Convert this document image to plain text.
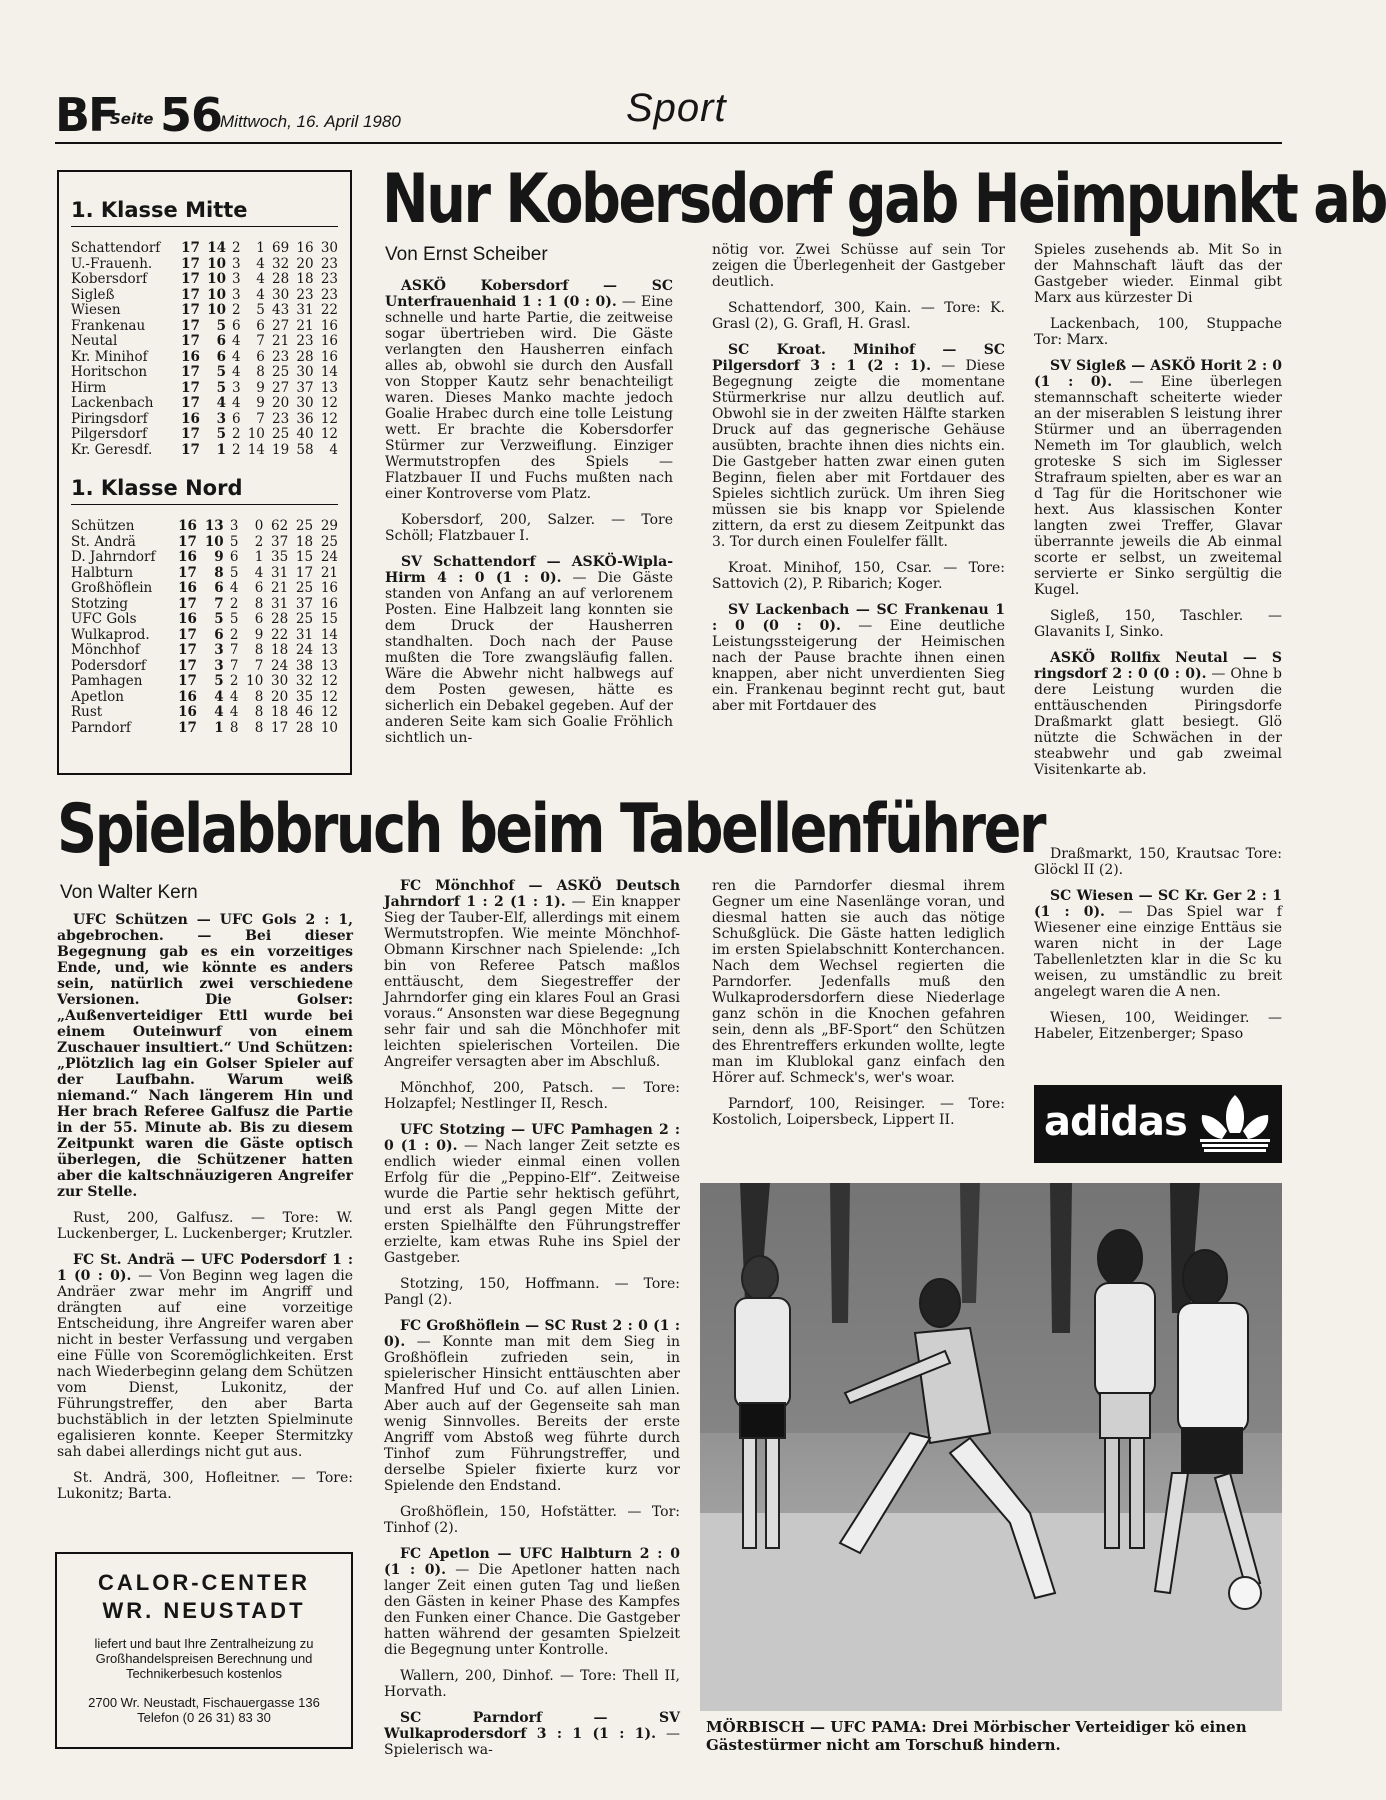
BF
Seite 56
Mittwoch, 16. April 1980	Sport
1. Klasse Mitte
Schattendorf	17	14	2	1	69	16	30
U.-Frauenh.	17	10	3	4	32	20	23
Kobersdorf	17	10	3	4	28	18	23
Sigleß	17	10	3	4	30	23	23
Wiesen	17	10	2	5	43	31	22
Frankenau	17	5	6	6	27	21	16
Neutal	17	6	4	7	21	23	16
Kr. Minihof	16	6	4	6	23	28	16
Horitschon	17	5	4	8	25	30	14
Hirm	17	5	3	9	27	37	13
Lackenbach	17	4	4	9	20	30	12
Piringsdorf	16	3	6	7	23	36	12
Pilgersdorf	17	5	2	10	25	40	12
Kr. Geresdf.	17	1	2	14	19	58	4
1. Klasse Nord
Schützen	16	13	3	0	62	25	29
St. Andrä	17	10	5	2	37	18	25
D. Jahrndorf	16	9	6	1	35	15	24
Halbturn	17	8	5	4	31	17	21
Großhöflein	16	6	4	6	21	25	16
Stotzing	17	7	2	8	31	37	16
UFC Gols	16	5	5	6	28	25	15
Wulkaprod.	17	6	2	9	22	31	14
Mönchhof	17	3	7	8	18	24	13
Podersdorf	17	3	7	7	24	38	13
Pamhagen	17	5	2	10	30	32	12
Apetlon	16	4	4	8	20	35	12
Rust	16	4	4	8	18	46	12
Parndorf	17	1	8	8	17	28	10
Nur Kobersdorf gab Heimpunkt ab
Von Ernst Scheiber

ASKÖ Kobersdorf — SC Unterfrauenhaid 1 : 1 (0 : 0). — Eine schnelle und harte Partie, die zeitweise sogar übertrieben wird. Die Gäste verlangten den Hausherren einfach alles ab, obwohl sie durch den Ausfall von Stopper Kautz sehr benachteiligt waren. Dieses Manko machte jedoch Goalie Hrabec durch eine tolle Leistung wett. Er brachte die Kobersdorfer Stürmer zur Verzweiflung. Einziger Wermutstropfen des Spiels — Flatzbauer II und Fuchs mußten nach einer Kontroverse vom Platz.

Kobersdorf, 200, Salzer. — Tore Schöll; Flatzbauer I.

SV Schattendorf — ASKÖ-Wipla-Hirm 4 : 0 (1 : 0). — Die Gäste standen von Anfang an auf verlorenem Posten. Eine Halbzeit lang konnten sie dem Druck der Hausherren standhalten. Doch nach der Pause mußten die Tore zwangsläufig fallen. Wäre die Abwehr nicht halbwegs auf dem Posten gewesen, hätte es sicherlich ein Debakel gegeben. Auf der anderen Seite kam sich Goalie Fröhlich sichtlich un-

nötig vor. Zwei Schüsse auf sein Tor zeigen die Überlegenheit der Gastgeber deutlich.

Schattendorf, 300, Kain. — Tore: K. Grasl (2), G. Grafl, H. Grasl.

SC Kroat. Minihof — SC Pilgersdorf 3 : 1 (2 : 1). — Diese Begegnung zeigte die momentane Stürmerkrise nur allzu deutlich auf. Obwohl sie in der zweiten Hälfte starken Druck auf das gegnerische Gehäuse ausübten, brachte ihnen dies nichts ein. Die Gastgeber hatten zwar einen guten Beginn, fielen aber mit Fortdauer des Spieles sichtlich zurück. Um ihren Sieg müssen sie bis knapp vor Spielende zittern, da erst zu diesem Zeitpunkt das 3. Tor durch einen Foulelfer fällt.

Kroat. Minihof, 150, Csar. — Tore: Sattovich (2), P. Ribarich; Koger.

SV Lackenbach — SC Frankenau 1 : 0 (0 : 0). — Eine deutliche Leistungssteigerung der Heimischen nach der Pause brachte ihnen einen knappen, aber nicht unverdienten Sieg ein. Frankenau beginnt recht gut, baut aber mit Fortdauer des

Spieles zusehends ab. Mit So in der Mahnschaft läuft das der Gastgeber wieder. Einmal gibt Marx aus kürzester Di

Lackenbach, 100, Stuppache Tor: Marx.

SV Sigleß — ASKÖ Horit 2 : 0 (1 : 0). — Eine überlegen stemannschaft scheiterte wieder an der miserablen S leistung ihrer Stürmer und an überragenden Nemeth im Tor glaublich, welch groteske S sich im Siglesser Strafraum spielten, aber es war an d Tag für die Horitschoner wie hext. Aus klassischen Konter langten zwei Treffer, Glavar überrannte jeweils die Ab einmal scorte er selbst, un zweitemal servierte er Sinko sergültig die Kugel.

Sigleß, 150, Taschler. — Glavanits I, Sinko.

ASKÖ Rollfix Neutal — S ringsdorf 2 : 0 (0 : 0). — Ohne b dere Leistung wurden die enttäuschenden Piringsdorfe Draßmarkt glatt besiegt. Glö nützte die Schwächen in der steabwehr und gab zweimal Visitenkarte ab.

Spielabbruch beim Tabellenführer
Von Walter Kern

UFC Schützen — UFC Gols 2 : 1, abgebrochen. — Bei dieser Begegnung gab es ein vorzeitiges Ende, und, wie könnte es anders sein, natürlich zwei verschiedene Versionen. Die Golser: „Außenverteidiger Ettl wurde bei einem Outeinwurf von einem Zuschauer insultiert.“ Und Schützen: „Plötzlich lag ein Golser Spieler auf der Laufbahn. Warum weiß niemand.“ Nach längerem Hin und Her brach Referee Galfusz die Partie in der 55. Minute ab. Bis zu diesem Zeitpunkt waren die Gäste optisch überlegen, die Schützener hatten aber die kaltschnäuzigeren Angreifer zur Stelle.

Rust, 200, Galfusz. — Tore: W. Luckenberger, L. Luckenberger; Krutzler.

FC St. Andrä — UFC Podersdorf 1 : 1 (0 : 0). — Von Beginn weg lagen die Andräer zwar mehr im Angriff und drängten auf eine vorzeitige Entscheidung, ihre Angreifer waren aber nicht in bester Verfassung und vergaben eine Fülle von Scoremöglichkeiten. Erst nach Wiederbeginn gelang dem Schützen vom Dienst, Lukonitz, der Führungstreffer, den aber Barta buchstäblich in der letzten Spielminute egalisieren konnte. Keeper Stermitzky sah dabei allerdings nicht gut aus.

St. Andrä, 300, Hofleitner. — Tore: Lukonitz; Barta.

FC Mönchhof — ASKÖ Deutsch Jahrndorf 1 : 2 (1 : 1). — Ein knapper Sieg der Tauber-Elf, allerdings mit einem Wermutstropfen. Wie meinte Mönchhof-Obmann Kirschner nach Spielende: „Ich bin von Referee Patsch maßlos enttäuscht, dem Siegestreffer der Jahrndorfer ging ein klares Foul an Grasi voraus.“ Ansonsten war diese Begegnung sehr fair und sah die Mönchhofer mit leichten spielerischen Vorteilen. Die Angreifer versagten aber im Abschluß.

Mönchhof, 200, Patsch. — Tore: Holzapfel; Nestlinger II, Resch.

UFC Stotzing — UFC Pamhagen 2 : 0 (1 : 0). — Nach langer Zeit setzte es endlich wieder einmal einen vollen Erfolg für die „Peppino-Elf“. Zeitweise wurde die Partie sehr hektisch geführt, und erst als Pangl gegen Mitte der ersten Spielhälfte den Führungstreffer erzielte, kam etwas Ruhe ins Spiel der Gastgeber.

Stotzing, 150, Hoffmann. — Tore: Pangl (2).

FC Großhöflein — SC Rust 2 : 0 (1 : 0). — Konnte man mit dem Sieg in Großhöflein zufrieden sein, in spielerischer Hinsicht enttäuschten aber Manfred Huf und Co. auf allen Linien. Aber auch auf der Gegenseite sah man wenig Sinnvolles. Bereits der erste Angriff vom Abstoß weg führte durch Tinhof zum Führungstreffer, und derselbe Spieler fixierte kurz vor Spielende den Endstand.

Großhöflein, 150, Hofstätter. — Tor: Tinhof (2).

FC Apetlon — UFC Halbturn 2 : 0 (1 : 0). — Die Apetloner hatten nach langer Zeit einen guten Tag und ließen den Gästen in keiner Phase des Kampfes den Funken einer Chance. Die Gastgeber hatten während der gesamten Spielzeit die Begegnung unter Kontrolle.

Wallern, 200, Dinhof. — Tore: Thell II, Horvath.

SC Parndorf — SV Wulkaprodersdorf 3 : 1 (1 : 1). — Spielerisch wa-

ren die Parndorfer diesmal ihrem Gegner um eine Nasenlänge voran, und diesmal hatten sie auch das nötige Schußglück. Die Gäste hatten lediglich im ersten Spielabschnitt Konterchancen. Nach dem Wechsel regierten die Parndorfer. Jedenfalls muß den Wulkaprodersdorfern diese Niederlage ganz schön in die Knochen gefahren sein, denn als „BF-Sport“ den Schützen des Ehrentreffers erkunden wollte, legte man im Klublokal ganz einfach den Hörer auf. Schmeck's, wer's woar.

Parndorf, 100, Reisinger. — Tore: Kostolich, Loipersbeck, Lippert II.

Draßmarkt, 150, Krautsac Tore: Glöckl II (2).

SC Wiesen — SC Kr. Ger 2 : 1 (1 : 0). — Das Spiel war f Wiesener eine einzige Enttäus sie waren nicht in der Lage Tabellenletzten klar in die Sc ku weisen, zu umständlic zu breit angelegt waren die A nen.

Wiesen, 100, Weidinger. — Habeler, Eitzenberger; Spaso

CALOR-CENTER
WR. NEUSTADT
liefert und baut Ihre Zentralheizung zu Großhandelspreisen Berechnung und Technikerbesuch kostenlos
2700 Wr. Neustadt, Fischauergasse 136
Telefon (0 26 31) 83 30
adidas
MÖRBISCH — UFC PAMA: Drei Mörbischer Verteidiger kö einen Gästestürmer nicht am Torschuß hindern.
